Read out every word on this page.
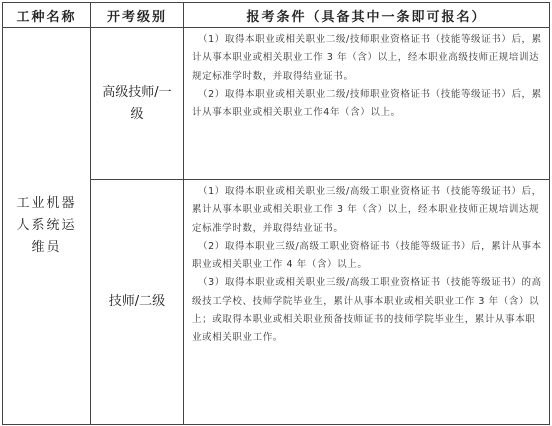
工种名称	开考级别	报考条件（具备其中一条即可报名）
工业机器人系统运维员	高级技师/一级	（1）取得本职业或相关职业二级/技师职业资格证书（技能等级证书）后，累计从事本职业或相关职业工作 3 年（含）以上，经本职业高级技师正规培训达规定标准学时数，并取得结业证书。
（2）取得本职业或相关职业二级/技师职业资格证书（技能等级证书）后，累计从事本职业或相关职业工作4年（含）以上。

	技师/二级	（1）取得本职业或相关职业三级/高级工职业资格证书（技能等级证书）后，累计从事本职业或相关职业工作 3 年（含）以上，经本职业技师正规培训达规定标准学时数，并取得结业证书。
（2）取得本职业三级/高级工职业资格证书（技能等级证书）后，累计从事本职业或相关职业工作 4 年（含）以上。
（3）取得本职业或相关职业三级/高级工职业资格证书（技能等级证书）的高级技工学校、技师学院毕业生，累计从事本职业或相关职业工作 3 年（含）以上；或取得本职业或相关职业预备技师证书的技师学院毕业生，累计从事本职业或相关职业工作。
